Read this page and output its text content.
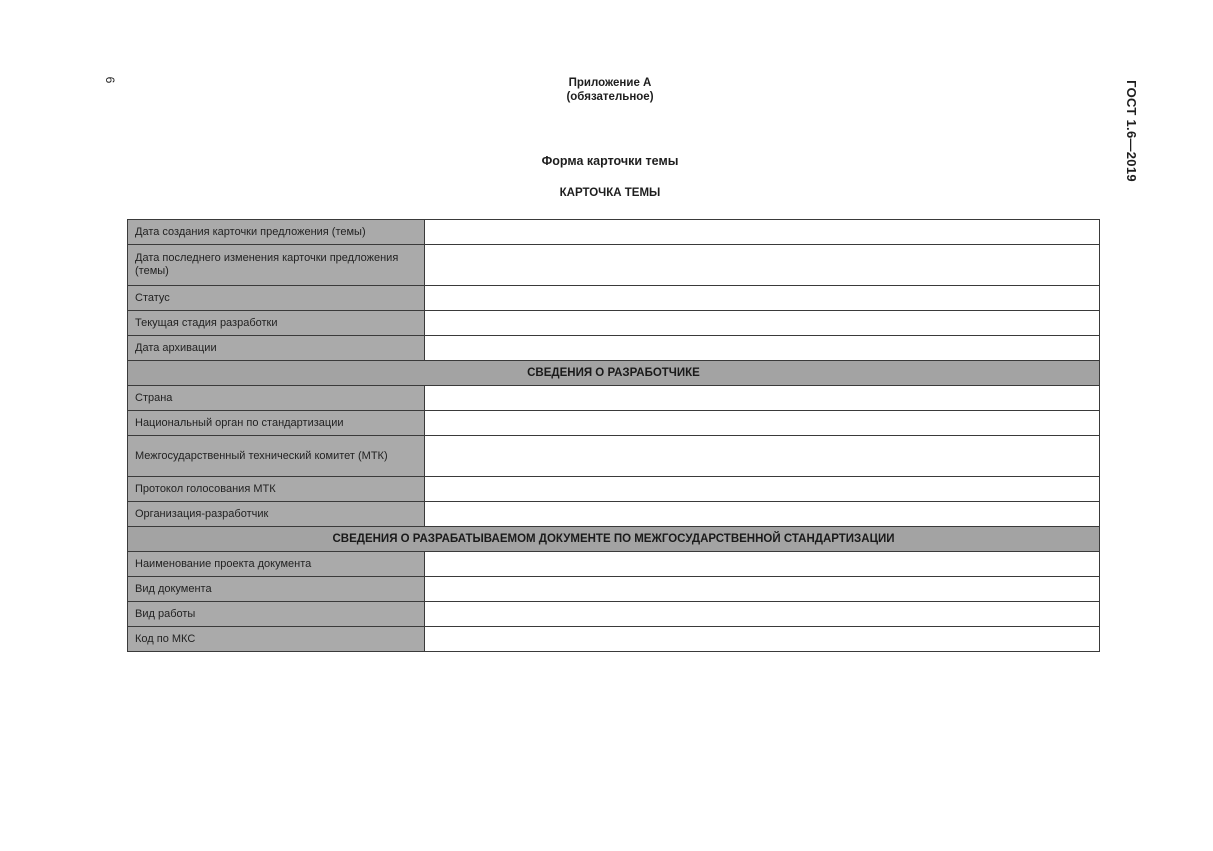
6
ГОСТ 1.6—2019
Приложение А
(обязательное)
Форма карточки темы
КАРТОЧКА ТЕМЫ
Дата создания карточки предложения (темы)	
Дата последнего изменения карточки предложения (темы)	
Статус	
Текущая стадия разработки	
Дата архивации	
СВЕДЕНИЯ О РАЗРАБОТЧИКЕ	
Страна	
Национальный орган по стандартизации	
Межгосударственный технический комитет (МТК)	
Протокол голосования МТК	
Организация-разработчик	
СВЕДЕНИЯ О РАЗРАБАТЫВАЕМОМ ДОКУМЕНТЕ ПО МЕЖГОСУДАРСТВЕННОЙ СТАНДАРТИЗАЦИИ	
Наименование проекта документа	
Вид документа	
Вид работы	
Код по МКС	
